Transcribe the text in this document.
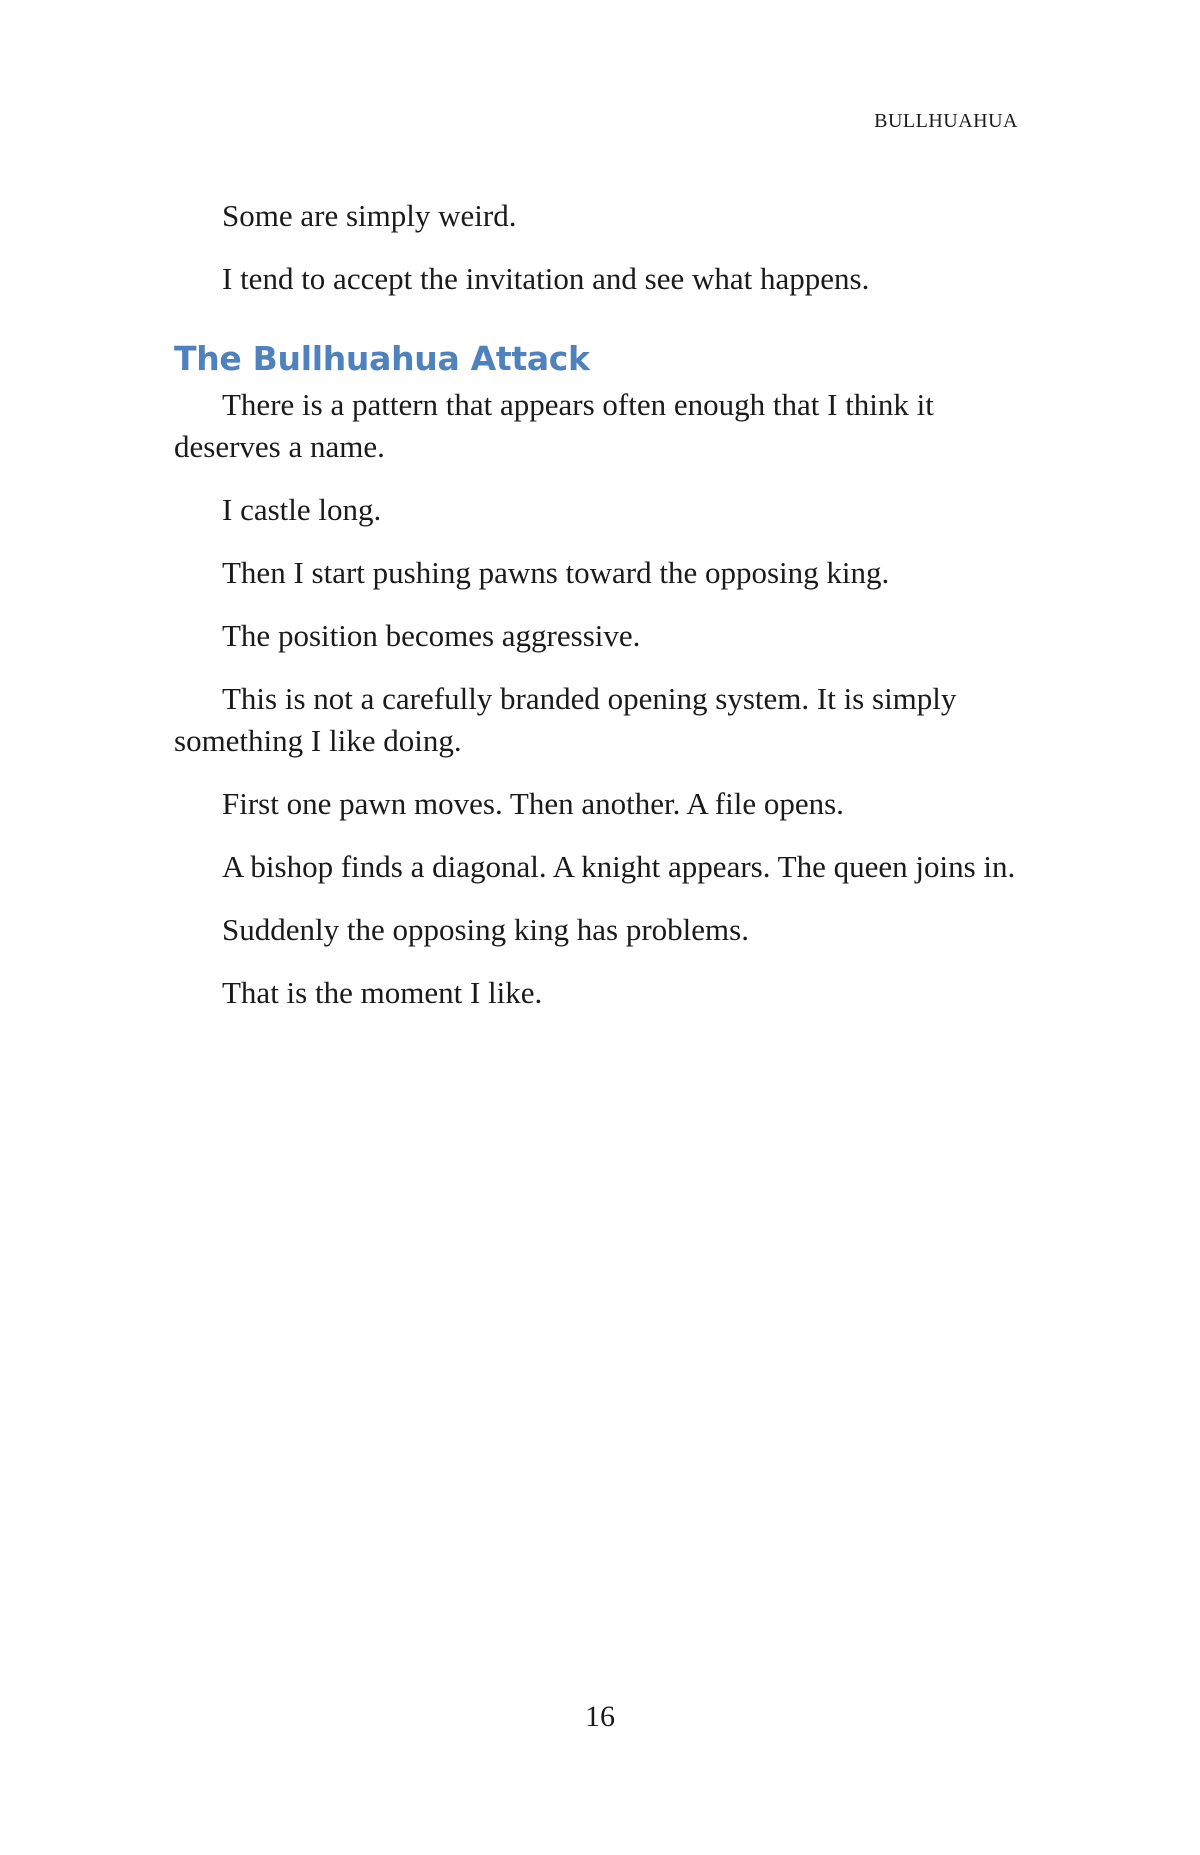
BULLHUAHUA

Some are simply weird.

I tend to accept the invitation and see what happens.

The Bullhuahua Attack

There is a pattern that appears often enough that I think it deserves a name.

I castle long.

Then I start pushing pawns toward the opposing king.

The position becomes aggressive.

This is not a carefully branded opening system. It is simply something I like doing.

First one pawn moves. Then another. A file opens.

A bishop finds a diagonal. A knight appears. The queen joins in.

Suddenly the opposing king has problems.

That is the moment I like.

16
